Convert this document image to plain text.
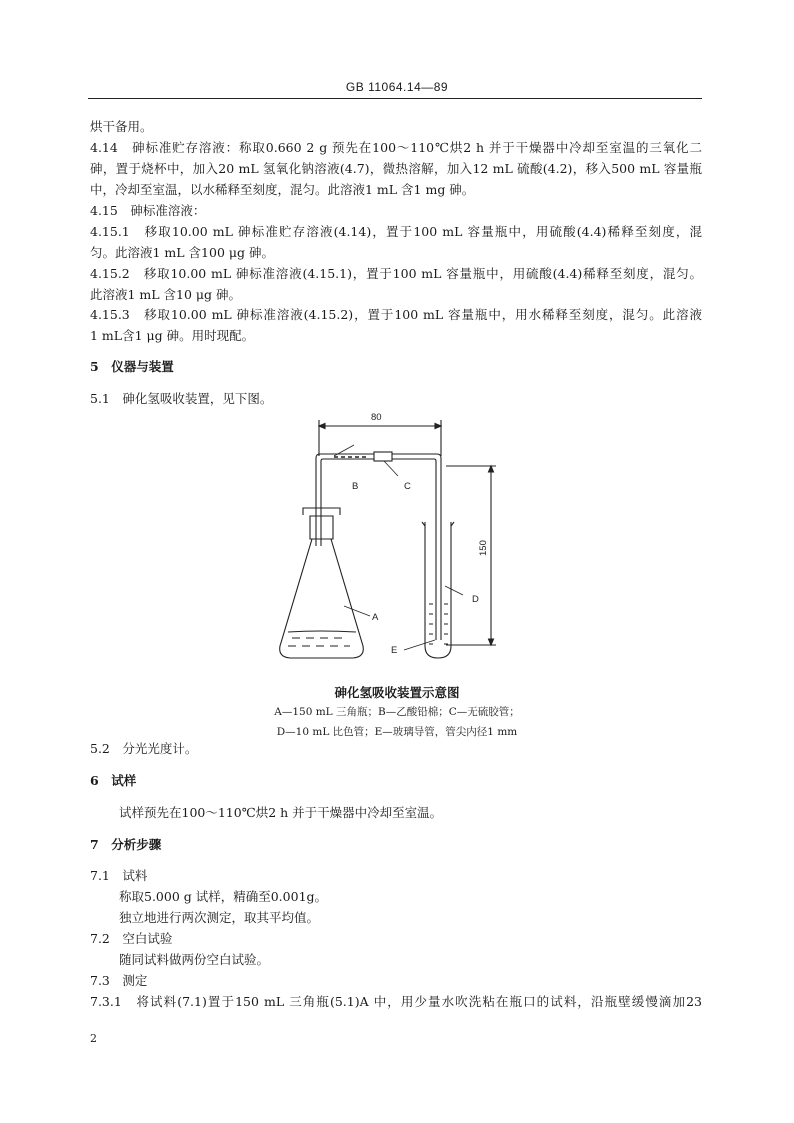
GB 11064.14—89
烘干备用。
4.14　砷标准贮存溶液：称取0.660 2 g 预先在100～110℃烘2 h 并于干燥器中冷却至室温的三氧化二
砷，置于烧杯中，加入20 mL 氢氧化钠溶液(4.7)，微热溶解，加入12 mL 硫酸(4.2)，移入500 mL 容量瓶
中，冷却至室温，以水稀释至刻度，混匀。此溶液1 mL 含1 mg 砷。
4.15　砷标准溶液：
4.15.1　移取10.00 mL 砷标准贮存溶液(4.14)，置于100 mL 容量瓶中，用硫酸(4.4)稀释至刻度，混
匀。此溶液1 mL 含100 μg 砷。
4.15.2　移取10.00 mL 砷标准溶液(4.15.1)，置于100 mL 容量瓶中，用硫酸(4.4)稀释至刻度，混匀。
此溶液1 mL 含10 μg 砷。
4.15.3　移取10.00 mL 砷标准溶液(4.15.2)，置于100 mL 容量瓶中，用水稀释至刻度，混匀。此溶液
1 mL含1 μg 砷。用时现配。
5　仪器与装置
5.1　砷化氢吸收装置，见下图。
80
150
B	C
A
D
E
砷化氢吸收装置示意图
A—150 mL 三角瓶；B—乙酸铅棉；C—无硫胶管；
D—10 mL 比色管；E—玻璃导管，管尖内径1 mm
5.2　分光光度计。
6　试样
试样预先在100～110℃烘2 h 并于干燥器中冷却至室温。
7　分析步骤
7.1　试料
称取5.000 g 试样，精确至0.001g。
独立地进行两次测定，取其平均值。
7.2　空白试验
随同试料做两份空白试验。
7.3　测定
7.3.1　将试料(7.1)置于150 mL 三角瓶(5.1)A 中，用少量水吹洗粘在瓶口的试料，沿瓶壁缓慢滴加23
2
